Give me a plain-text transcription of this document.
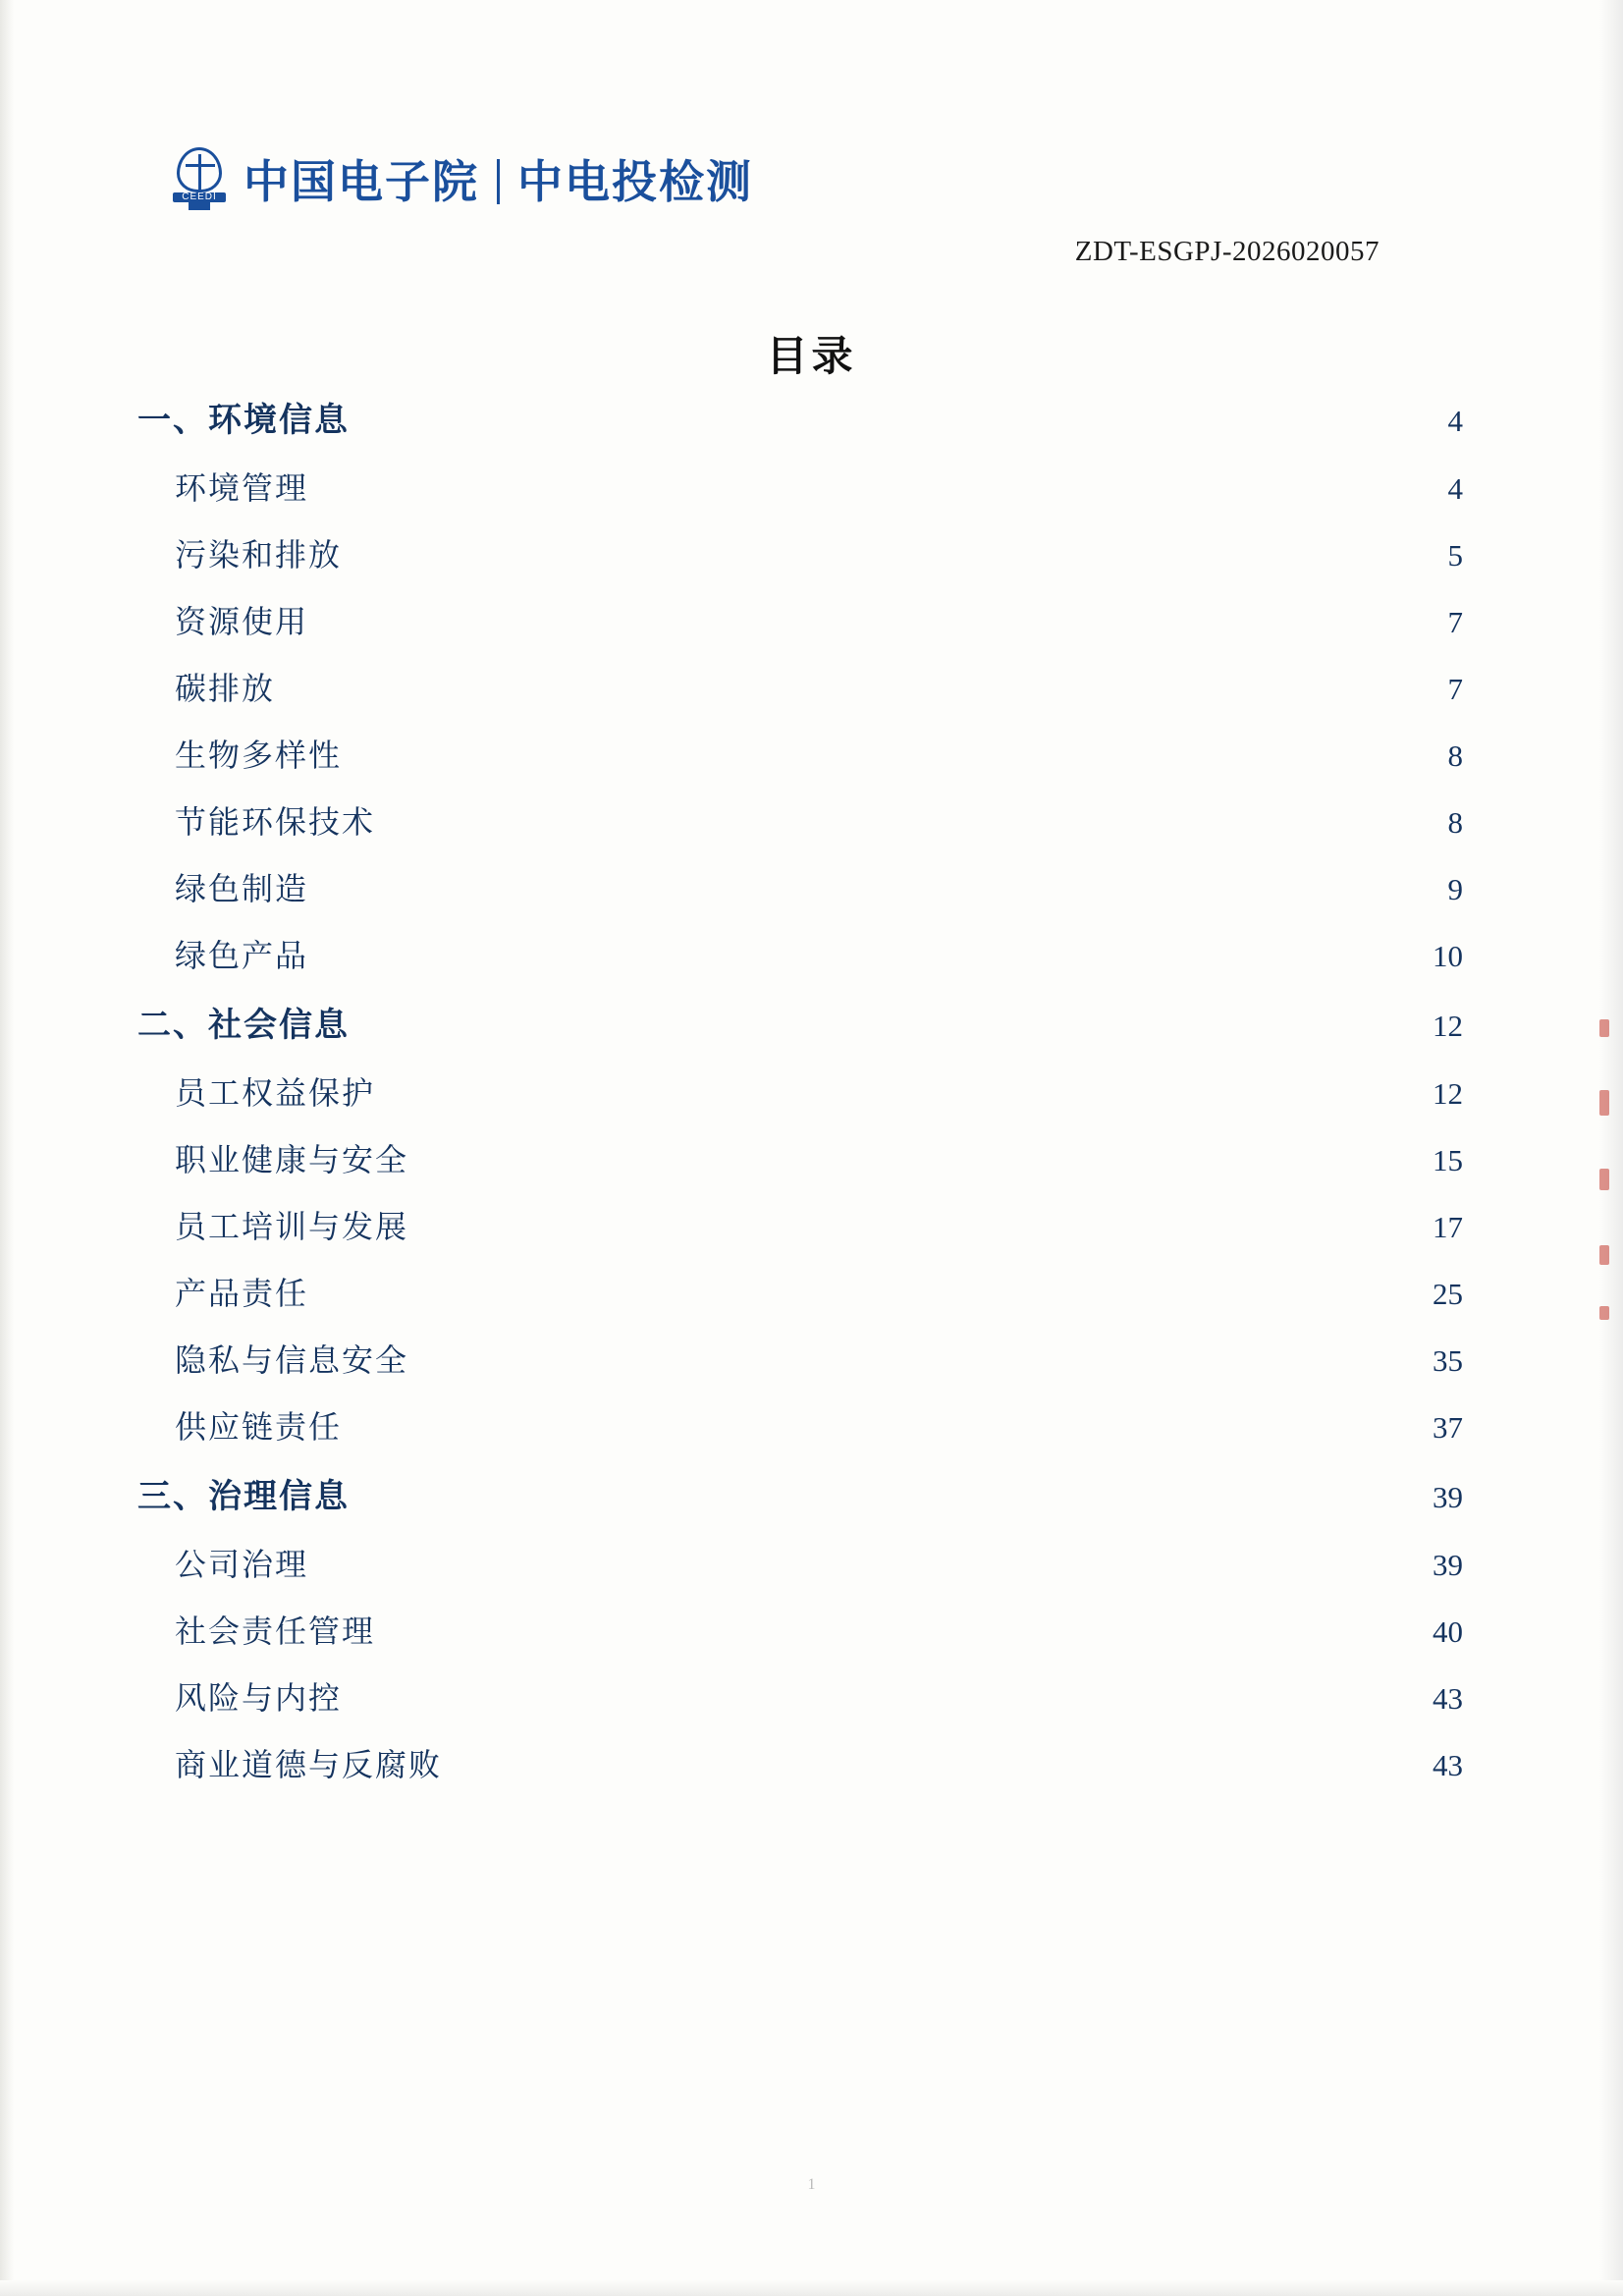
CEEDI 中国电子院 中电投检测
ZDT-ESGPJ-2026020057
目录
一、环境信息 . . .	4
环境管理 . . .	4
污染和排放 . . .	5
资源使用 . . .	7
碳排放 . . .	7
生物多样性 . . .	8
节能环保技术 . . .	8
绿色制造 . . .	9
绿色产品 . . .	10
二、社会信息 . . .	12
员工权益保护 . . .	12
职业健康与安全 . . .	15
员工培训与发展 . . .	17
产品责任 . . .	25
隐私与信息安全 . . .	35
供应链责任 . . .	37
三、治理信息 . . .	39
公司治理 . . .	39
社会责任管理 . . .	40
风险与内控 . . .	43
商业道德与反腐败 . . .	43
1
